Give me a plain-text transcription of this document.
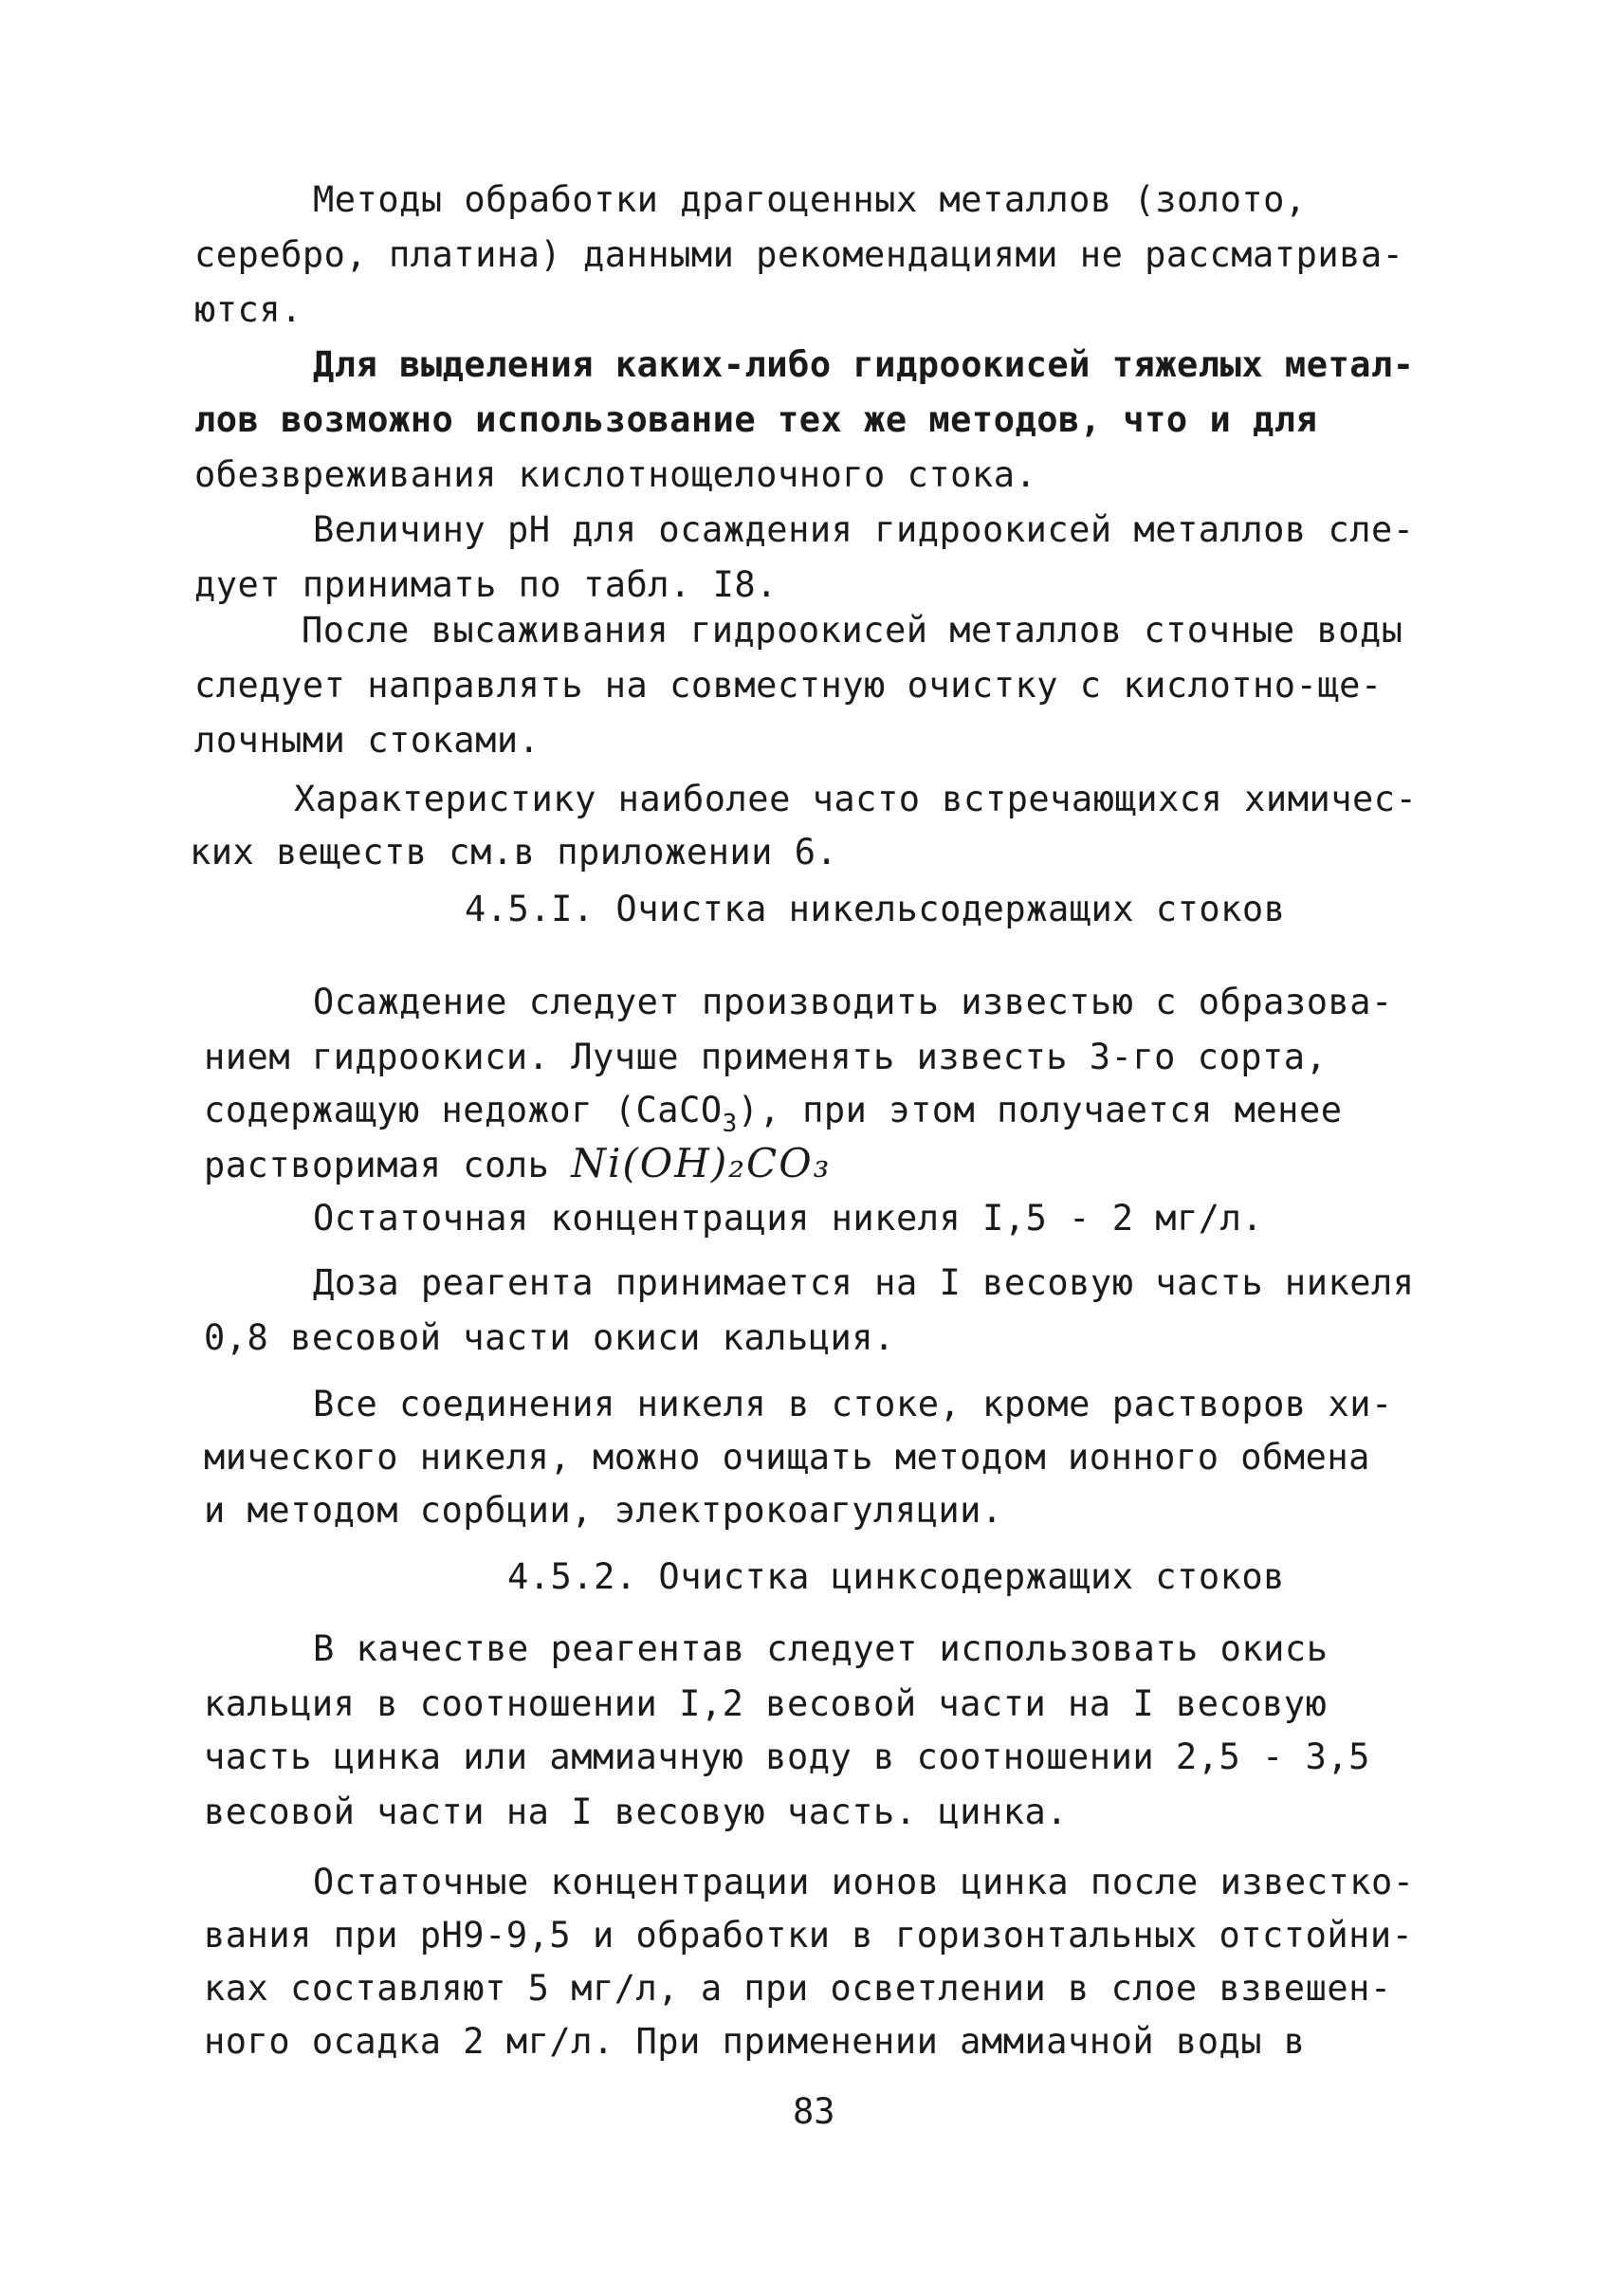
Методы обработки драгоценных металлов (золото,
серебро, платина) данными рекомендациями не рассматрива-
ются.
Для выделения каких-либо гидроокисей тяжелых метал-
лов возможно использование тех же методов, что и для
обезвреживания кислотнощелочного стока.
Величину pH для осаждения гидроокисей металлов сле-
дует принимать по табл. I8.
После высаживания гидроокисей металлов сточные воды
следует направлять на совместную очистку с кислотно-ще-
лочными стоками.
Характеристику наиболее часто встречающихся химичес-
ких веществ см.в приложении 6.
4.5.I. Очистка никельсодержащих стоков
Осаждение следует производить известью с образова-
нием гидроокиси. Лучше применять известь 3-го сорта,
содержащую недожог (СаСО$_3$), при этом получается менее
растворимая соль Ni(OH)₂CO₃
Остаточная концентрация никеля I,5 - 2 мг/л.
Доза реагента принимается на I весовую часть никеля
0,8 весовой части окиси кальция.
Все соединения никеля в стоке, кроме растворов хи-
мического никеля, можно очищать методом ионного обмена
и методом сорбции, электрокоагуляции.
4.5.2. Очистка цинксодержащих стоков
В качестве реагентав следует использовать окись
кальция в соотношении I,2 весовой части на I весовую
часть цинка или аммиачную воду в соотношении 2,5 - 3,5
весовой части на I весовую часть. цинка.
Остаточные концентрации ионов цинка после известко-
вания при pH9-9,5 и обработки в горизонтальных отстойни-
ках составляют 5 мг/л, а при осветлении в слое взвешен-
ного осадка 2 мг/л. При применении аммиачной воды в
83
